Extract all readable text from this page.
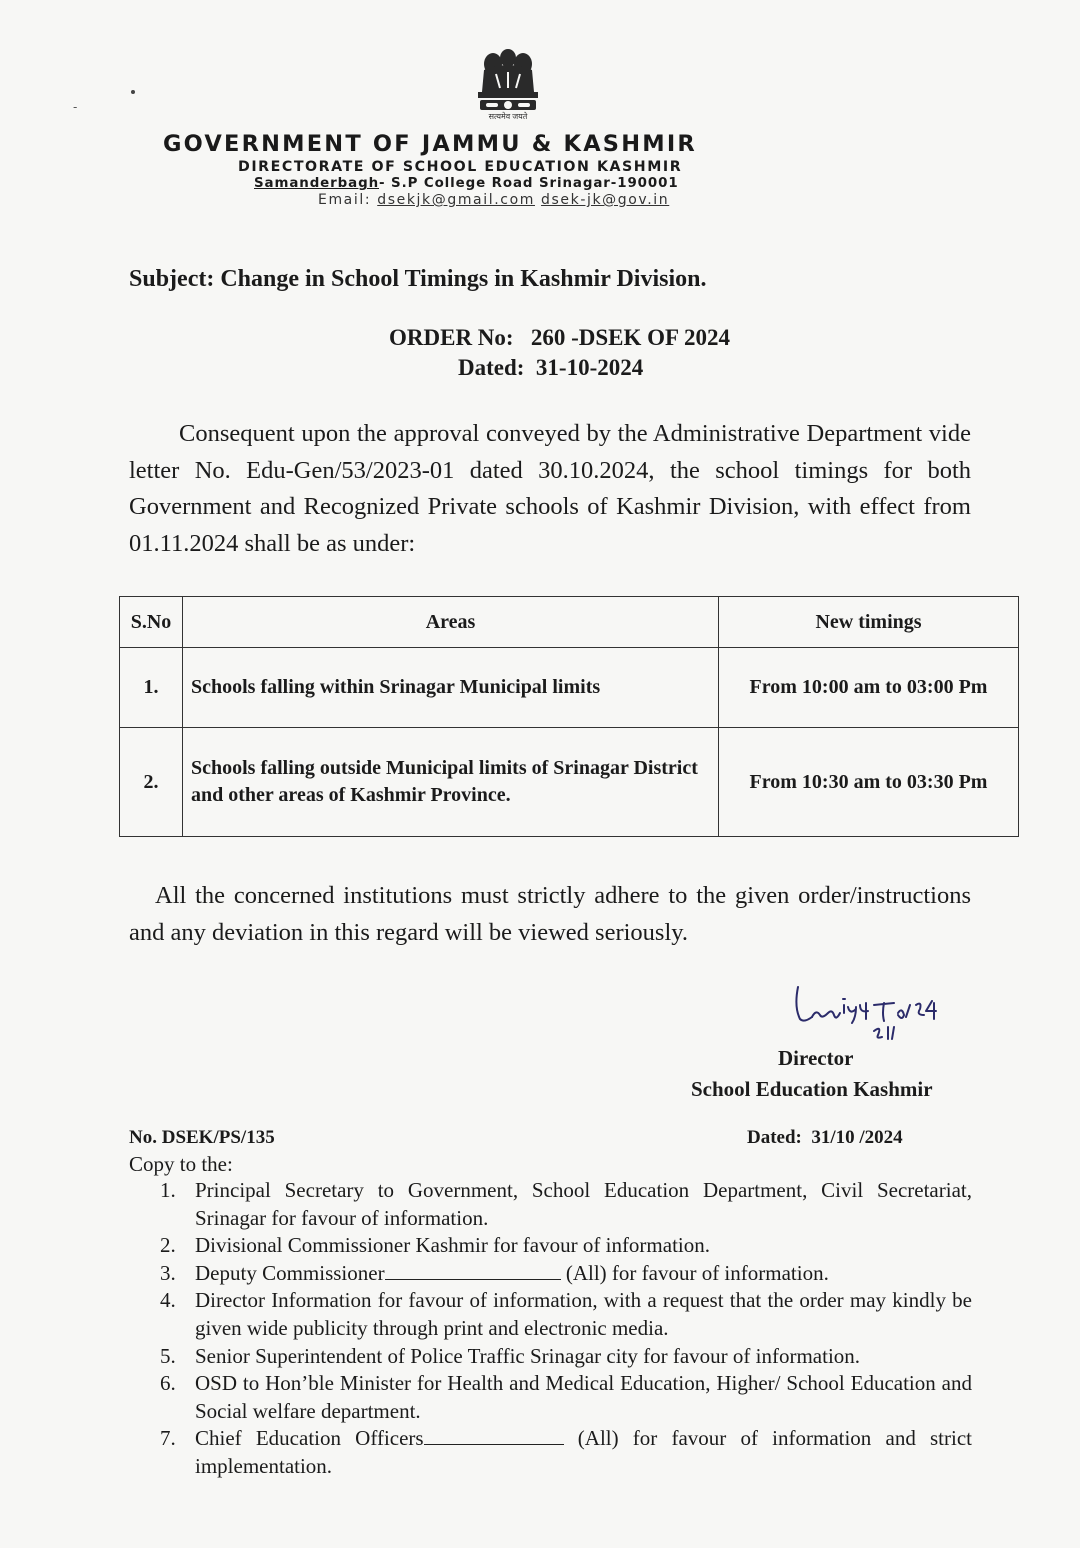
-
सत्यमेव जयते
GOVERNMENT OF JAMMU & KASHMIR
DIRECTORATE OF SCHOOL EDUCATION KASHMIR
Samanderbagh- S.P College Road Srinagar-190001
Email: dsekjk@gmail.com dsek-jk@gov.in
Subject: Change in School Timings in Kashmir Division.
ORDER No:   260 -DSEK OF 2024
Dated:  31-10-2024
Consequent upon the approval conveyed by the Administrative Department vide letter No. Edu-Gen/53/2023-01 dated 30.10.2024, the school timings for both Government and Recognized Private schools of Kashmir Division, with effect from 01.11.2024 shall be as under:
S.No	Areas	New timings
1.	Schools falling within Srinagar Municipal limits	From 10:00 am to 03:00 Pm
2.	Schools falling outside Municipal limits of Srinagar District and other areas of Kashmir Province.	From 10:30 am to 03:30 Pm
All the concerned institutions must strictly adhere to the given order/instructions and any deviation in this regard will be viewed seriously.
Director
School Education Kashmir
No. DSEK/PS/135	Dated:  31/10 /2024
Copy to the:
1. Principal Secretary to Government, School Education Department, Civil Secretariat, Srinagar for favour of information.
2. Divisional Commissioner Kashmir for favour of information.
3. Deputy Commissioner	(All) for favour of information.
4. Director Information for favour of information, with a request that the order may kindly be given wide publicity through print and electronic media.
5. Senior Superintendent of Police Traffic Srinagar city for favour of information.
6. OSD to Hon’ble Minister for Health and Medical Education, Higher/ School Education and Social welfare department.
7. Chief Education Officers	(All) for favour of information and strict implementation.
